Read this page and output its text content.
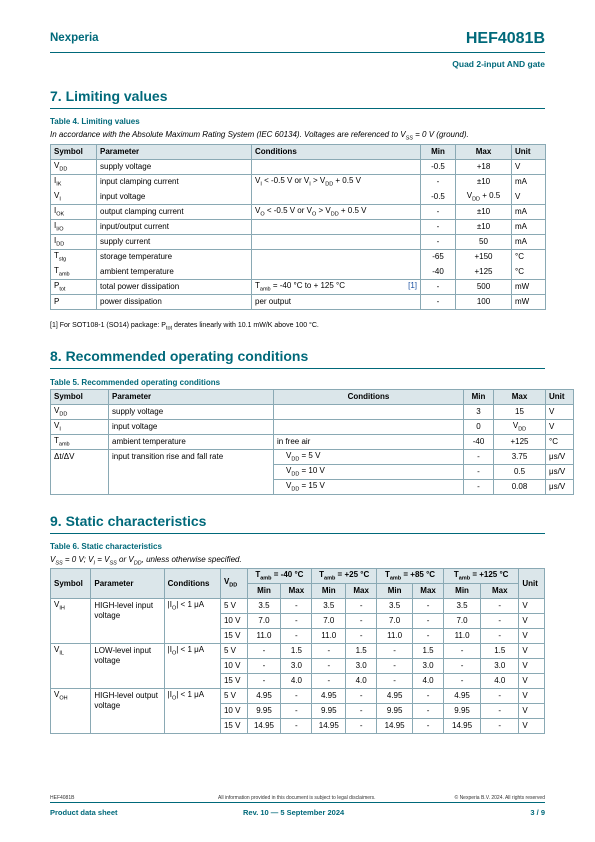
Nexperia	HEF4081B
Quad 2-input AND gate
7. Limiting values
Table 4. Limiting values
In accordance with the Absolute Maximum Rating System (IEC 60134). Voltages are referenced to $V_{SS} = 0$ V (ground).
Symbol	Parameter	Conditions	Min	Max	Unit
$V_{DD}$	supply voltage		-0.5	+18	V
$I_{IK}$	input clamping current	$V_I < -0.5$ V or $V_I > V_{DD} + 0.5$ V	-	±10	mA
$V_I$	input voltage		-0.5	$V_{DD} + 0.5$	V
$I_{OK}$	output clamping current	$V_O < -0.5$ V or $V_O > V_{DD} + 0.5$ V	-	±10	mA
$I_{I/O}$	input/output current		-	±10	mA
$I_{DD}$	supply current		-	50	mA
$T_{stg}$	storage temperature		-65	+150	°C
$T_{amb}$	ambient temperature		-40	+125	°C
$P_{tot}$	total power dissipation	$T_{amb} = -40$ °C to + 125 °C [1]	-	500	mW
P	power dissipation	per output	-	100	mW
[1] For SOT108-1 (SO14) package: $P_{tot}$ derates linearly with 10.1 mW/K above 100 °C.
8. Recommended operating conditions
Table 5. Recommended operating conditions
Symbol	Parameter	Conditions	Min	Max	Unit
$V_{DD}$	supply voltage		3	15	V
$V_I$	input voltage		0	$V_{DD}$	V
$T_{amb}$	ambient temperature	in free air	-40	+125	°C
Δt/ΔV	input transition rise and fall rate	$V_{DD} = 5$ V	-	3.75	μs/V
		$V_{DD} = 10$ V	-	0.5	μs/V
		$V_{DD} = 15$ V	-	0.08	μs/V
9. Static characteristics
Table 6. Static characteristics
$V_{SS} = 0$ V; $V_I = V_{SS}$ or $V_{DD}$, unless otherwise specified.
Symbol	Parameter	Conditions	$V_{DD}$	$T_{amb} = -40$ °C		$T_{amb} = +25$ °C		$T_{amb} = +85$ °C		$T_{amb} = +125$ °C		Unit
				Min	Max	Min	Max	Min	Max	Min	Max	
$V_{IH}$	HIGH-level input voltage	$|I_O| < 1$ μA	5 V	3.5	-	3.5	-	3.5	-	3.5	-	V
			10 V	7.0	-	7.0	-	7.0	-	7.0	-	V
			15 V	11.0	-	11.0	-	11.0	-	11.0	-	V
$V_{IL}$	LOW-level input voltage	$|I_O| < 1$ μA	5 V	-	1.5	-	1.5	-	1.5	-	1.5	V
			10 V	-	3.0	-	3.0	-	3.0	-	3.0	V
			15 V	-	4.0	-	4.0	-	4.0	-	4.0	V
$V_{OH}$	HIGH-level output voltage	$|I_O| < 1$ μA	5 V	4.95	-	4.95	-	4.95	-	4.95	-	V
			10 V	9.95	-	9.95	-	9.95	-	9.95	-	V
			15 V	14.95	-	14.95	-	14.95	-	14.95	-	V
HEF4081B	All information provided in this document is subject to legal disclaimers.	© Nexperia B.V. 2024. All rights reserved
Product data sheet	Rev. 10 — 5 September 2024	3 / 9
